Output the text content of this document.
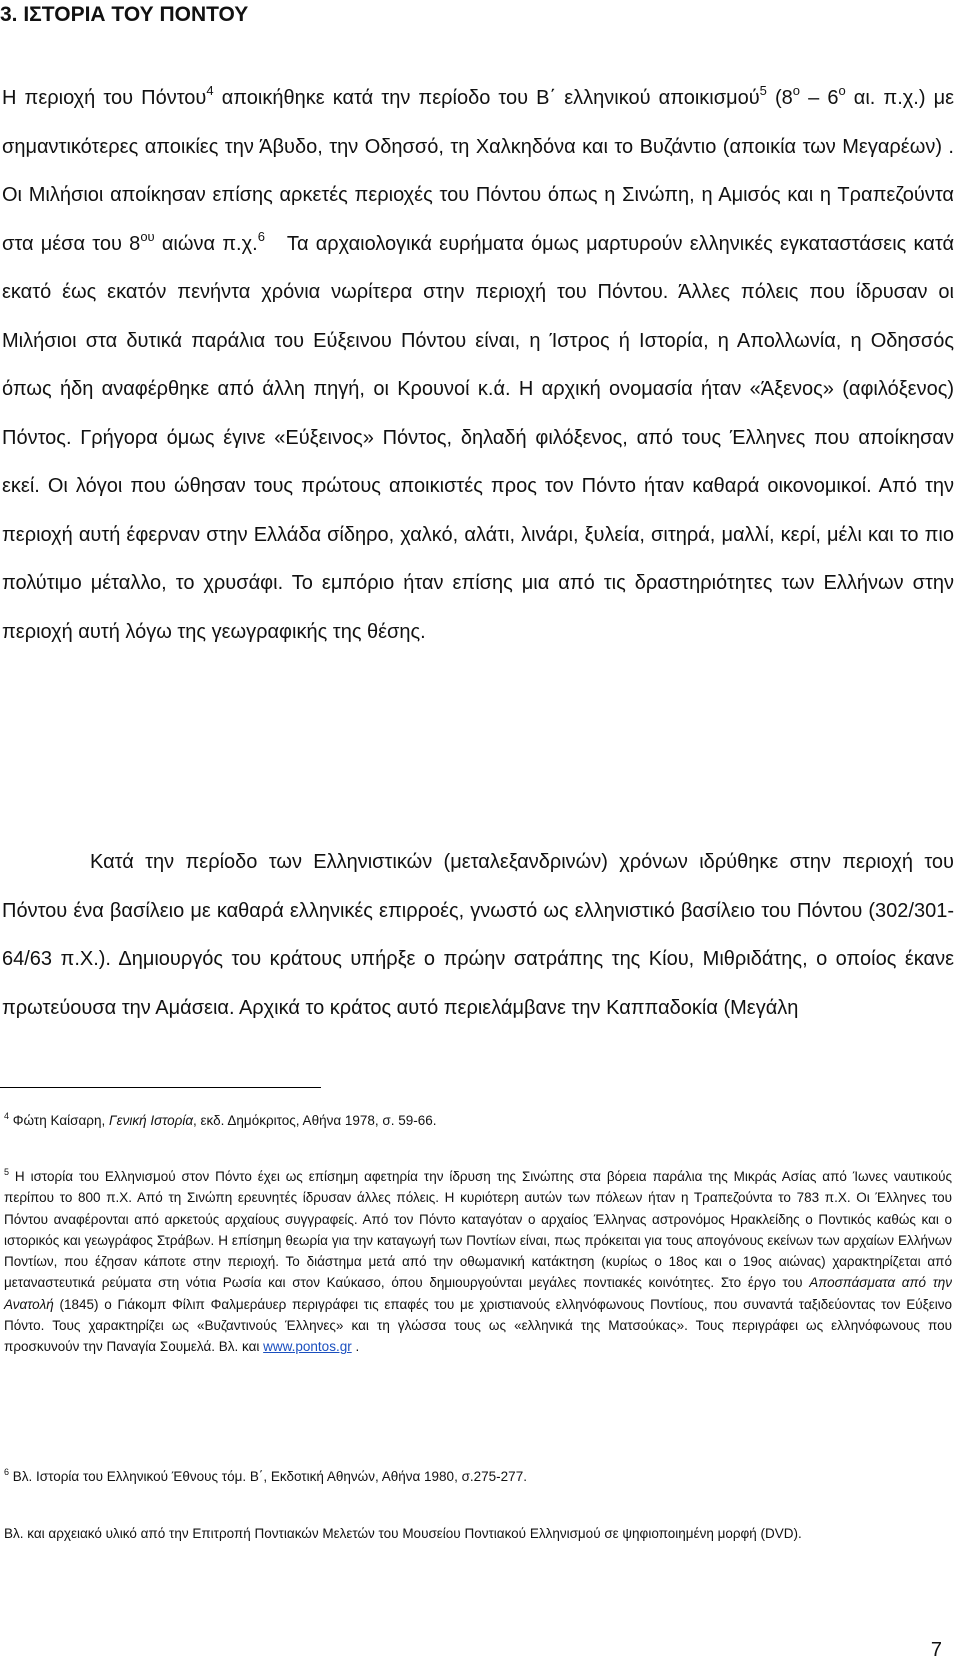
3. ΙΣΤΟΡΙΑ ΤΟΥ ΠΟΝΤΟΥ

Η περιοχή του Πόντου$^4$ αποικήθηκε κατά την περίοδο του Β΄ ελληνικού αποικισμού$^5$ ($8^o - 6^o$ αι. π.χ.) με σημαντικότερες αποικίες την Άβυδο, την Οδησσό, τη Χαλκηδόνα και το Βυζάντιο (αποικία των Μεγαρέων) . Οι Μιλήσιοι αποίκησαν επίσης αρκετές περιοχές του Πόντου όπως η Σινώπη, η Αμισός και η Τραπεζούντα στα μέσα του $8^{o\upsilon}$ αιώνα π.χ.$^6$ Τα αρχαιολογικά ευρήματα όμως μαρτυρούν ελληνικές εγκαταστάσεις κατά εκατό έως εκατόν πενήντα χρόνια νωρίτερα στην περιοχή του Πόντου. Άλλες πόλεις που ίδρυσαν οι Μιλήσιοι στα δυτικά παράλια του Εύξεινου Πόντου είναι, η Ίστρος ή Ιστορία, η Απολλωνία, η Οδησσός όπως ήδη αναφέρθηκε από άλλη πηγή, οι Κρουνοί κ.ά. Η αρχική ονομασία ήταν «Άξενος» (αφιλόξενος) Πόντος. Γρήγορα όμως έγινε «Εύξεινος» Πόντος, δηλαδή φιλόξενος, από τους Έλληνες που αποίκησαν εκεί. Οι λόγοι που ώθησαν τους πρώτους αποικιστές προς τον Πόντο ήταν καθαρά οικονομικοί. Από την περιοχή αυτή έφερναν στην Ελλάδα σίδηρο, χαλκό, αλάτι, λινάρι, ξυλεία, σιτηρά, μαλλί, κερί, μέλι και το πιο πολύτιμο μέταλλο, το χρυσάφι. Το εμπόριο ήταν επίσης μια από τις δραστηριότητες των Ελλήνων στην περιοχή αυτή λόγω της γεωγραφικής της θέσης.

Κατά την περίοδο των Ελληνιστικών (μεταλεξανδρινών) χρόνων ιδρύθηκε στην περιοχή του Πόντου ένα βασίλειο με καθαρά ελληνικές επιρροές, γνωστό ως ελληνιστικό βασίλειο του Πόντου (302/301-64/63 π.Χ.). Δημιουργός του κράτους υπήρξε ο πρώην σατράπης της Κίου, Μιθριδάτης, ο οποίος έκανε πρωτεύουσα την Αμάσεια. Αρχικά το κράτος αυτό περιελάμβανε την Καππαδοκία (Μεγάλη

$^4$ Φώτη Καίσαρη, Γενική Ιστορία, εκδ. Δημόκριτος, Αθήνα 1978, σ. 59-66.

$^5$ Η ιστορία του Ελληνισμού στον Πόντο έχει ως επίσημη αφετηρία την ίδρυση της Σινώπης στα βόρεια παράλια της Μικράς Ασίας από Ίωνες ναυτικούς περίπου το 800 π.Χ. Από τη Σινώπη ερευνητές ίδρυσαν άλλες πόλεις. Η κυριότερη αυτών των πόλεων ήταν η Τραπεζούντα το 783 π.Χ. Οι Έλληνες του Πόντου αναφέρονται από αρκετούς αρχαίους συγγραφείς. Από τον Πόντο καταγόταν ο αρχαίος Έλληνας αστρονόμος Ηρακλείδης ο Ποντικός καθώς και ο ιστορικός και γεωγράφος Στράβων. Η επίσημη θεωρία για την καταγωγή των Ποντίων είναι, πως πρόκειται για τους απογόνους εκείνων των αρχαίων Ελλήνων Ποντίων, που έζησαν κάποτε στην περιοχή. Το διάστημα μετά από την οθωμανική κατάκτηση (κυρίως ο 18ος και ο 19ος αιώνας) χαρακτηρίζεται από μεταναστευτικά ρεύματα στη νότια Ρωσία και στον Καύκασο, όπου δημιουργούνται μεγάλες ποντιακές κοινότητες. Στο έργο του Αποσπάσματα από την Ανατολή (1845) ο Γιάκομπ Φίλιπ Φαλμεράυερ περιγράφει τις επαφές του με χριστιανούς ελληνόφωνους Ποντίους, που συναντά ταξιδεύοντας τον Εύξεινο Πόντο. Τους χαρακτηρίζει ως «Βυζαντινούς Έλληνες» και τη γλώσσα τους ως «ελληνικά της Ματσούκας». Τους περιγράφει ως ελληνόφωνους που προσκυνούν την Παναγία Σουμελά. Βλ. και www.pontos.gr .

$^6$ Βλ. Ιστορία του Ελληνικού Έθνους τόμ. Β΄, Εκδοτική Αθηνών, Αθήνα 1980, σ.275-277.

Βλ. και αρχειακό υλικό από την Επιτροπή Ποντιακών Μελετών του Μουσείου Ποντιακού Ελληνισμού σε ψηφιοποιημένη μορφή (DVD).

7
